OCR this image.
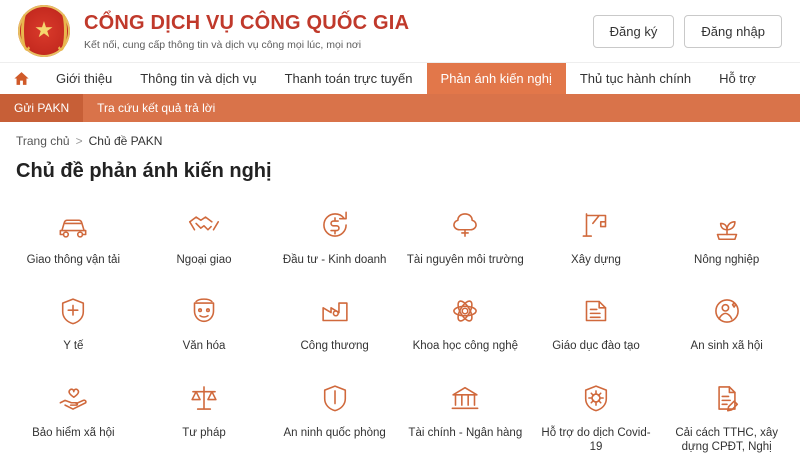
★ CỔNG DỊCH VỤ CÔNG QUỐC GIA
Kết nối, cung cấp thông tin và dịch vụ công mọi lúc, mọi nơi
Đăng ký	Đăng nhập
Giới thiệu	Thông tin và dịch vụ	Thanh toán trực tuyến	Phản ánh kiến nghị	Thủ tục hành chính	Hỗ trợ
Gửi PAKN	Tra cứu kết quả trả lời
Trang chủ > Chủ đề PAKN
Chủ đề phản ánh kiến nghị
Giao thông vận tải	Ngoại giao	Đầu tư - Kinh doanh Tài nguyên môi trường	Xây dựng	Nông nghiệp
Y tế	Văn hóa	Công thương	Khoa học công nghệ	Giáo dục đào tạo	An sinh xã hội
Bảo hiểm xã hội	Tư pháp	An ninh quốc phòng Tài chính - Ngân hàng	Hỗ trợ do dịch Covid-19
Cải cách TTHC, xây dựng CPĐT, Nghị
